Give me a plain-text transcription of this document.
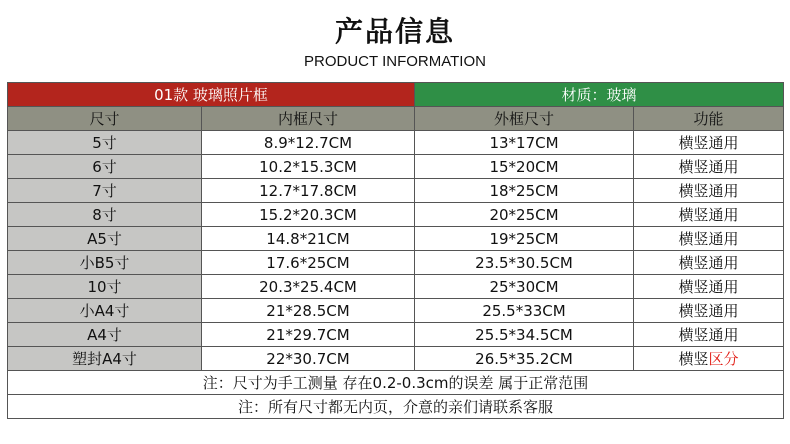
产品信息
PRODUCT INFORMATION
01款 玻璃照片框		材质：玻璃	
尺寸	内框尺寸	外框尺寸	功能
5寸	8.9*12.7CM	13*17CM	横竖通用
6寸	10.2*15.3CM	15*20CM	横竖通用
7寸	12.7*17.8CM	18*25CM	横竖通用
8寸	15.2*20.3CM	20*25CM	横竖通用
A5寸	14.8*21CM	19*25CM	横竖通用
小B5寸	17.6*25CM	23.5*30.5CM	横竖通用
10寸	20.3*25.4CM	25*30CM	横竖通用
小A4寸	21*28.5CM	25.5*33CM	横竖通用
A4寸	21*29.7CM	25.5*34.5CM	横竖通用
塑封A4寸	22*30.7CM	26.5*35.2CM	横竖区分
注：尺寸为手工测量 存在0.2-0.3cm的误差 属于正常范围			
注：所有尺寸都无内页，介意的亲们请联系客服			
